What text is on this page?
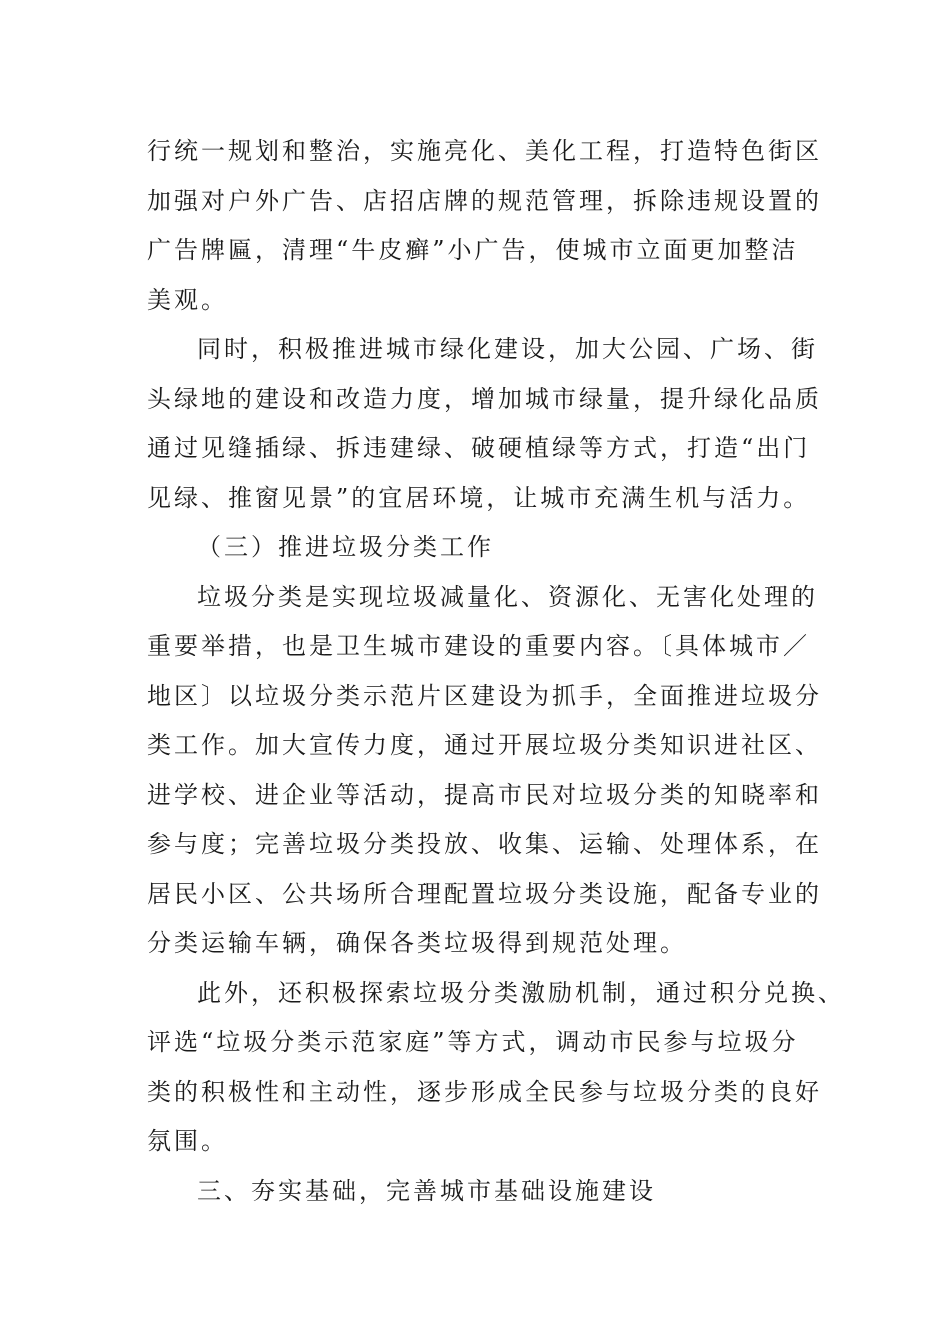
行统一规划和整治，实施亮化、美化工程，打造特色街区
加强对户外广告、店招店牌的规范管理，拆除违规设置的
广告牌匾，清理“牛皮癣”小广告，使城市立面更加整洁
美观。
同时，积极推进城市绿化建设，加大公园、广场、街
头绿地的建设和改造力度，增加城市绿量，提升绿化品质
通过见缝插绿、拆违建绿、破硬植绿等方式，打造“出门
见绿、推窗见景”的宜居环境，让城市充满生机与活力。
（三）推进垃圾分类工作
垃圾分类是实现垃圾减量化、资源化、无害化处理的
重要举措，也是卫生城市建设的重要内容。〔具体城市／
地区〕以垃圾分类示范片区建设为抓手，全面推进垃圾分
类工作。加大宣传力度，通过开展垃圾分类知识进社区、
进学校、进企业等活动，提高市民对垃圾分类的知晓率和
参与度；完善垃圾分类投放、收集、运输、处理体系，在
居民小区、公共场所合理配置垃圾分类设施，配备专业的
分类运输车辆，确保各类垃圾得到规范处理。
此外，还积极探索垃圾分类激励机制，通过积分兑换、
评选“垃圾分类示范家庭”等方式，调动市民参与垃圾分
类的积极性和主动性，逐步形成全民参与垃圾分类的良好
氛围。
三、夯实基础，完善城市基础设施建设
